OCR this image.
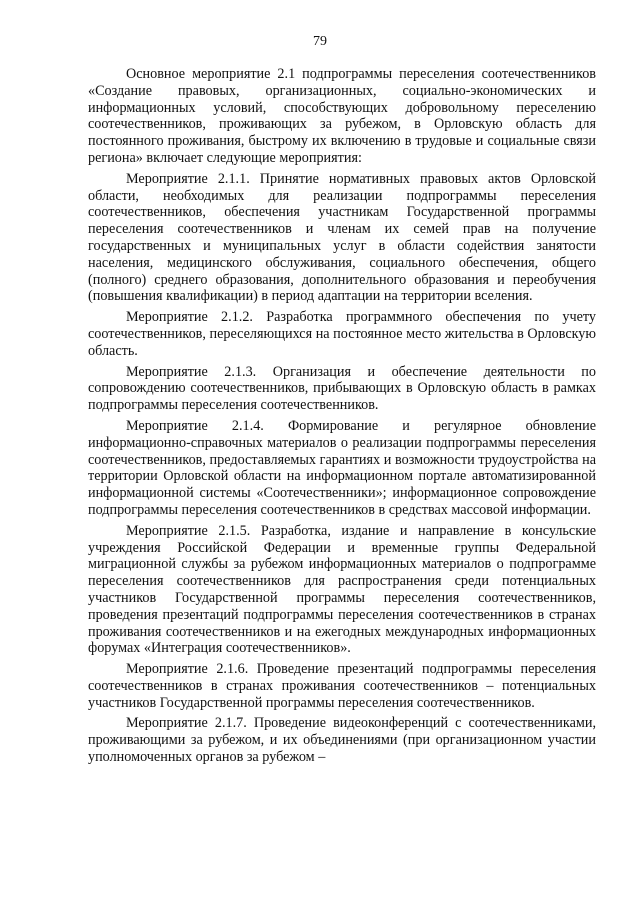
79

Основное мероприятие 2.1 подпрограммы переселения соотечественников «Создание правовых, организационных, социально-экономических и информационных условий, способствующих добровольному переселению соотечественников, проживающих за рубежом, в Орловскую область для постоянного проживания, быстрому их включению в трудовые и социальные связи региона» включает следующие мероприятия:

Мероприятие 2.1.1. Принятие нормативных правовых актов Орловской области, необходимых для реализации подпрограммы переселения соотечественников, обеспечения участникам Государственной программы переселения соотечественников и членам их семей прав на получение государственных и муниципальных услуг в области содействия занятости населения, медицинского обслуживания, социального обеспечения, общего (полного) среднего образования, дополнительного образования и переобучения (повышения квалификации) в период адаптации на территории вселения.

Мероприятие 2.1.2. Разработка программного обеспечения по учету соотечественников, переселяющихся на постоянное место жительства в Орловскую область.

Мероприятие 2.1.3. Организация и обеспечение деятельности по сопровождению соотечественников, прибывающих в Орловскую область в рамках подпрограммы переселения соотечественников.

Мероприятие 2.1.4. Формирование и регулярное обновление информационно-справочных материалов о реализации подпрограммы переселения соотечественников, предоставляемых гарантиях и возможности трудоустройства на территории Орловской области на информационном портале автоматизированной информационной системы «Соотечественники»; информационное сопровождение подпрограммы переселения соотечественников в средствах массовой информации.

Мероприятие 2.1.5. Разработка, издание и направление в консульские учреждения Российской Федерации и временные группы Федеральной миграционной службы за рубежом информационных материалов о подпрограмме переселения соотечественников для распространения среди потенциальных участников Государственной программы переселения соотечественников, проведения презентаций подпрограммы переселения соотечественников в странах проживания соотечественников и на ежегодных международных информационных форумах «Интеграция соотечественников».

Мероприятие 2.1.6. Проведение презентаций подпрограммы переселения соотечественников в странах проживания соотечественников – потенциальных участников Государственной программы переселения соотечественников.

Мероприятие 2.1.7. Проведение видеоконференций с соотечественниками, проживающими за рубежом, и их объединениями (при организационном участии уполномоченных органов за рубежом –
